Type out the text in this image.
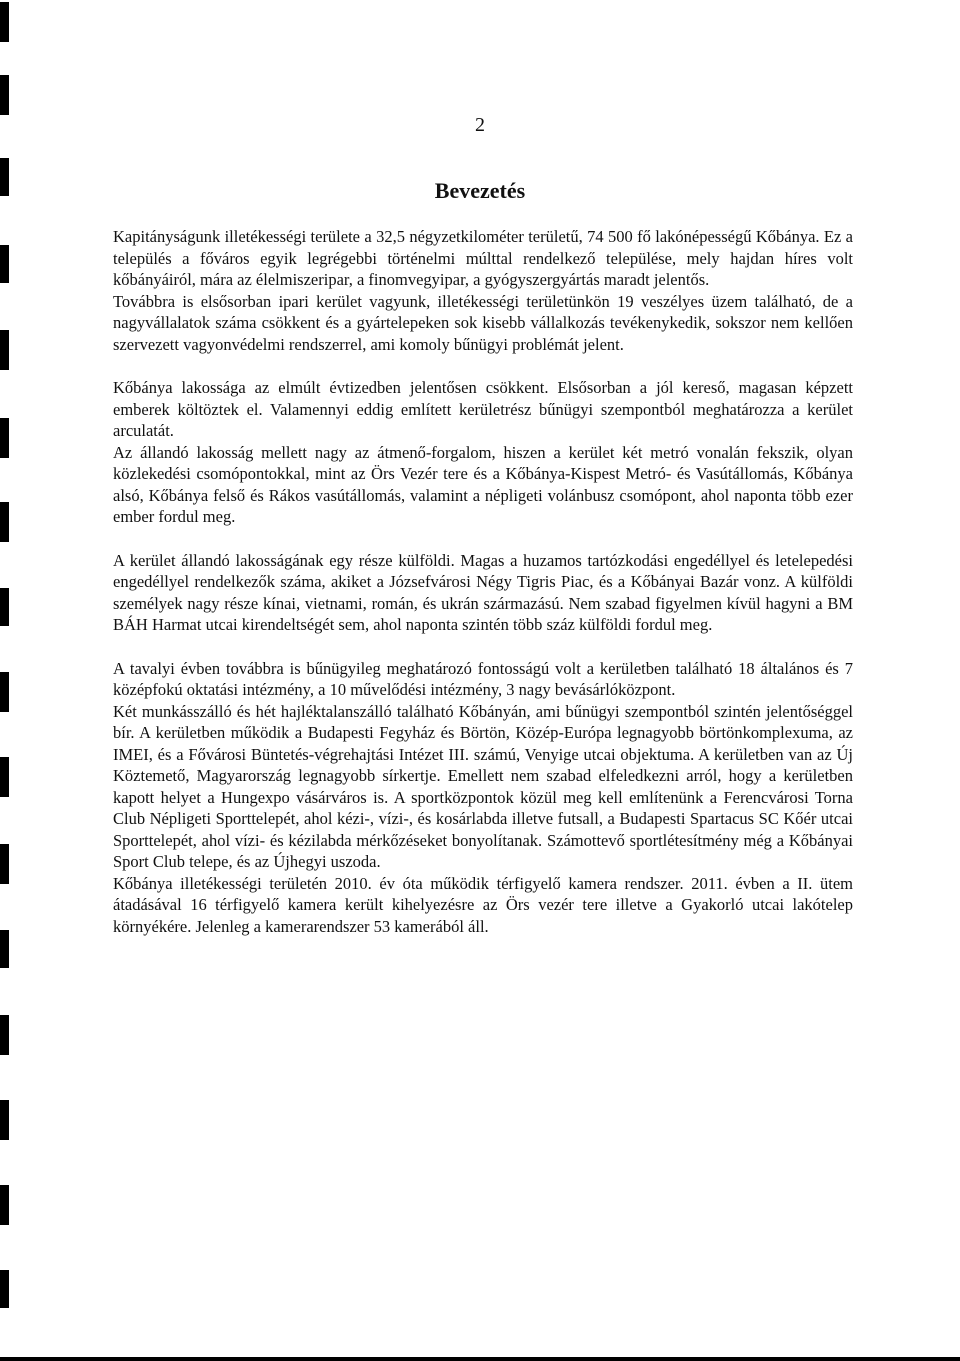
2

Bevezetés

Kapitányságunk illetékességi területe a 32,5 négyzetkilométer területű, 74 500 fő lakónépességű Kőbánya. Ez a település a főváros egyik legrégebbi történelmi múlttal rendelkező települése, mely hajdan híres volt kőbányáiról, mára az élelmiszeripar, a finomvegyipar, a gyógyszergyártás maradt jelentős.

Továbbra is elsősorban ipari kerület vagyunk, illetékességi területünkön 19 veszélyes üzem található, de a nagyvállalatok száma csökkent és a gyártelepeken sok kisebb vállalkozás tevékenykedik, sokszor nem kellően szervezett vagyonvédelmi rendszerrel, ami komoly bűnügyi problémát jelent.

Kőbánya lakossága az elmúlt évtizedben jelentősen csökkent. Elsősorban a jól kereső, magasan képzett emberek költöztek el. Valamennyi eddig említett kerületrész bűnügyi szempontból meghatározza a kerület arculatát.

Az állandó lakosság mellett nagy az átmenő-forgalom, hiszen a kerület két metró vonalán fekszik, olyan közlekedési csomópontokkal, mint az Örs Vezér tere és a Kőbánya-Kispest Metró- és Vasútállomás, Kőbánya alsó, Kőbánya felső és Rákos vasútállomás, valamint a népligeti volánbusz csomópont, ahol naponta több ezer ember fordul meg.

A kerület állandó lakosságának egy része külföldi. Magas a huzamos tartózkodási engedéllyel és letelepedési engedéllyel rendelkezők száma, akiket a Józsefvárosi Négy Tigris Piac, és a Kőbányai Bazár vonz. A külföldi személyek nagy része kínai, vietnami, román, és ukrán származású. Nem szabad figyelmen kívül hagyni a BM BÁH Harmat utcai kirendeltségét sem, ahol naponta szintén több száz külföldi fordul meg.

A tavalyi évben továbbra is bűnügyileg meghatározó fontosságú volt a kerületben található 18 általános és 7 középfokú oktatási intézmény, a 10 művelődési intézmény, 3 nagy bevásárlóközpont.

Két munkásszálló és hét hajléktalanszálló található Kőbányán, ami bűnügyi szempontból szintén jelentőséggel bír. A kerületben működik a Budapesti Fegyház és Börtön, Közép-Európa legnagyobb börtönkomplexuma, az IMEI, és a Fővárosi Büntetés-végrehajtási Intézet III. számú, Venyige utcai objektuma. A kerületben van az Új Köztemető, Magyarország legnagyobb sírkertje. Emellett nem szabad elfeledkezni arról, hogy a kerületben kapott helyet a Hungexpo vásárváros is. A sportközpontok közül meg kell említenünk a Ferencvárosi Torna Club Népligeti Sporttelepét, ahol kézi-, vízi-, és kosárlabda illetve futsall, a Budapesti Spartacus SC Kőér utcai Sporttelepét, ahol vízi- és kézilabda mérkőzéseket bonyolítanak. Számottevő sportlétesítmény még a Kőbányai Sport Club telepe, és az Újhegyi uszoda.

Kőbánya illetékességi területén 2010. év óta működik térfigyelő kamera rendszer. 2011. évben a II. ütem átadásával 16 térfigyelő kamera került kihelyezésre az Örs vezér tere illetve a Gyakorló utcai lakótelep környékére. Jelenleg a kamerarendszer 53 kamerából áll.
